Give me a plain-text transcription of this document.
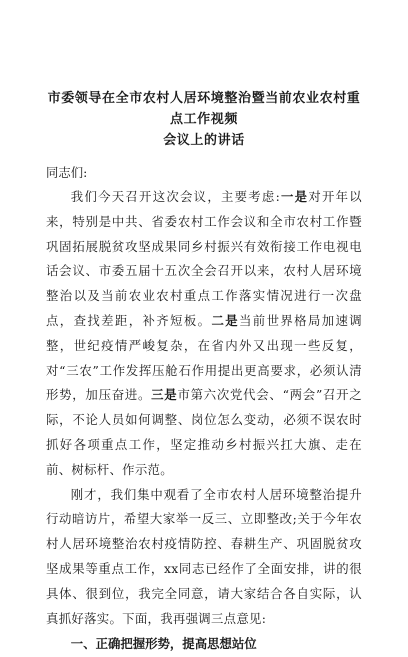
市委领导在全市农村人居环境整治暨当前农业农村重点工作视频
会议上的讲话
同志们:

我们今天召开这次会议，主要考虑:一是对开年以来，特别是中共、省委农村工作会议和全市农村工作暨巩固拓展脱贫攻坚成果同乡村振兴有效衔接工作电视电话会议、市委五届十五次全会召开以来，农村人居环境整治以及当前农业农村重点工作落实情况进行一次盘点，查找差距，补齐短板。二是当前世界格局加速调整，世纪疫情严峻复杂，在省内外又出现一些反复，对“三农”工作发挥压舱石作用提出更高要求，必须认清形势，加压奋进。三是市第六次党代会、“两会”召开之际，不论人员如何调整、岗位怎么变动，必须不误农时抓好各项重点工作，坚定推动乡村振兴扛大旗、走在前、树标杆、作示范。

刚才，我们集中观看了全市农村人居环境整治提升行动暗访片，希望大家举一反三、立即整改;关于今年农村人居环境整治农村疫情防控、春耕生产、巩固脱贫攻坚成果等重点工作，xx同志已经作了全面安排，讲的很具体、很到位，我完全同意，请大家结合各自实际，认真抓好落实。下面，我再强调三点意见:

一、正确把握形势，提高思想站位
